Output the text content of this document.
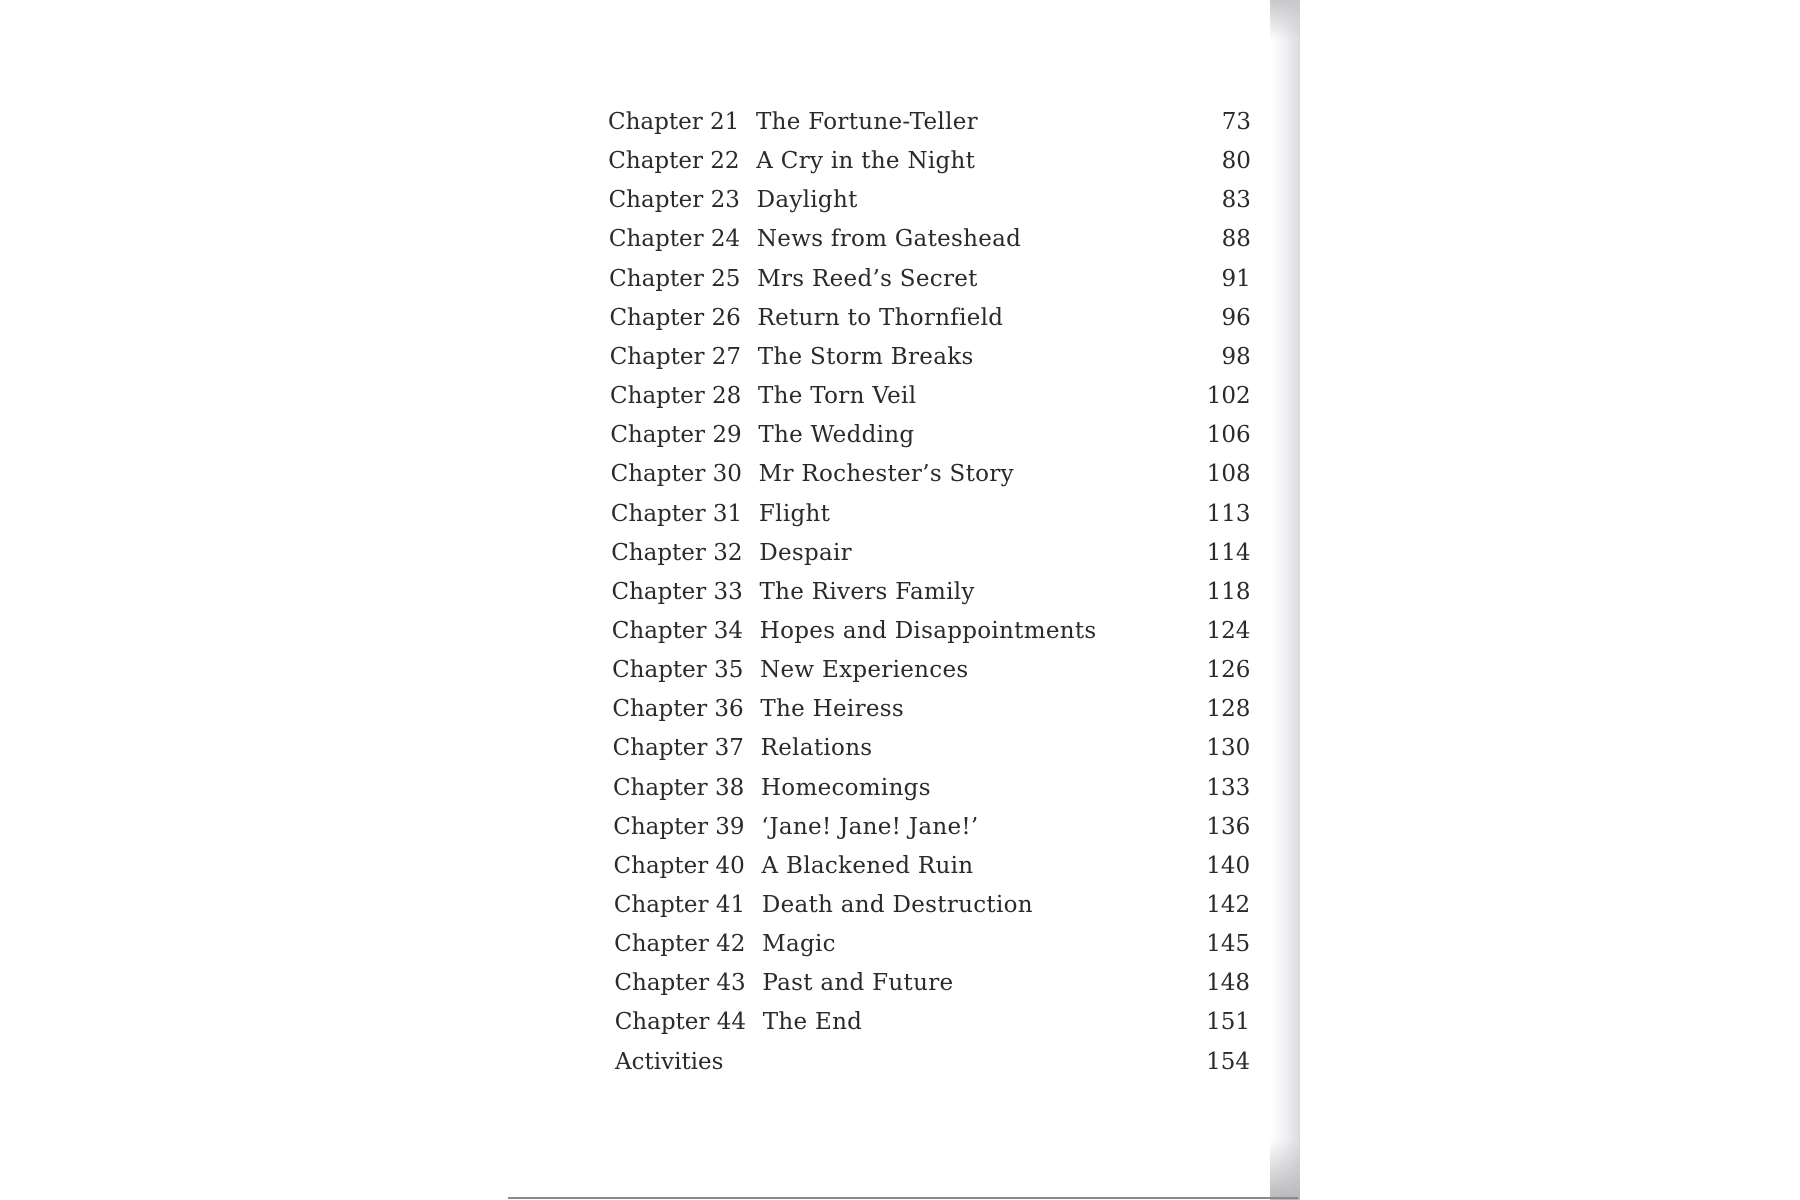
Chapter 21 The Fortune-Teller	73
Chapter 22 A Cry in the Night	80
Chapter 23 Daylight	83
Chapter 24 News from Gateshead	88
Chapter 25 Mrs Reed’s Secret	91
Chapter 26 Return to Thornfield	96
Chapter 27 The Storm Breaks	98
Chapter 28 The Torn Veil	102
Chapter 29 The Wedding	106
Chapter 30 Mr Rochester’s Story	108
Chapter 31 Flight	113
Chapter 32 Despair	114
Chapter 33 The Rivers Family	118
Chapter 34 Hopes and Disappointments	124
Chapter 35 New Experiences	126
Chapter 36 The Heiress	128
Chapter 37 Relations	130
Chapter 38 Homecomings	133
Chapter 39 ‘Jane! Jane! Jane!’	136
Chapter 40 A Blackened Ruin	140
Chapter 41 Death and Destruction	142
Chapter 42 Magic	145
Chapter 43 Past and Future	148
Chapter 44 The End	151
Activities	154
